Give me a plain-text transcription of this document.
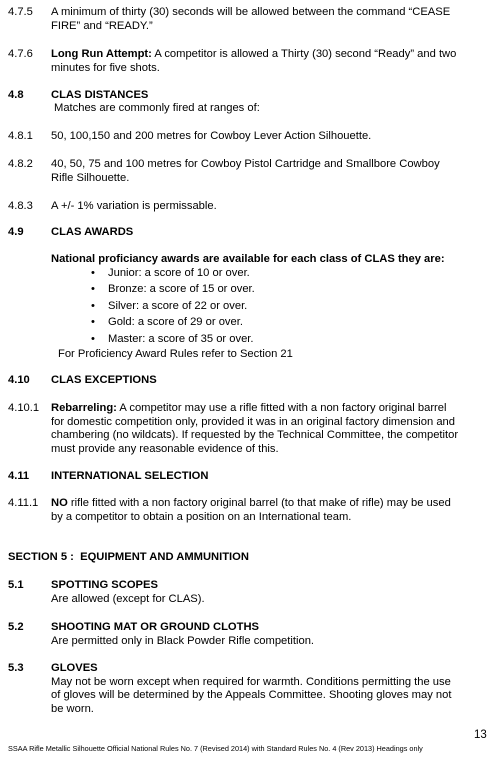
4.7.5 A minimum of thirty (30) seconds will be allowed between the command “CEASE
FIRE” and “READY.”
4.7.6 Long Run Attempt: A competitor is allowed a Thirty (30) second “Ready” and two
minutes for five shots.
4.8 CLAS DISTANCES
Matches are commonly fired at ranges of:
4.8.1 50, 100,150 and 200 metres for Cowboy Lever Action Silhouette.
4.8.2 40, 50, 75 and 100 metres for Cowboy Pistol Cartridge and Smallbore Cowboy
Rifle Silhouette.
4.8.3 A +/- 1% variation is permissable.
4.9 CLAS AWARDS
National proficiancy awards are available for each class of CLAS they are:
• Junior: a score of 10 or over.
• Bronze: a score of 15 or over.
• Silver: a score of 22 or over.
• Gold: a score of 29 or over.
• Master: a score of 35 or over.
For Proficiency Award Rules refer to Section 21
4.10 CLAS EXCEPTIONS
4.10.1 Rebarreling: A competitor may use a rifle fitted with a non factory original barrel
for domestic competition only, provided it was in an original factory dimension and
chambering (no wildcats). If requested by the Technical Committee, the competitor
must provide any reasonable evidence of this.
4.11 INTERNATIONAL SELECTION
4.11.1 NO rifle fitted with a non factory original barrel (to that make of rifle) may be used
by a competitor to obtain a position on an International team.
SECTION 5 :  EQUIPMENT AND AMMUNITION
5.1 SPOTTING SCOPES
Are allowed (except for CLAS).
5.2 SHOOTING MAT OR GROUND CLOTHS
Are permitted only in Black Powder Rifle competition.
5.3 GLOVES
May not be worn except when required for warmth. Conditions permitting the use
of gloves will be determined by the Appeals Committee. Shooting gloves may not
be worn.
13
SSAA Rifle Metallic Silhouette Official National Rules No. 7 (Revised 2014) with Standard Rules No. 4 (Rev 2013) Headings only
